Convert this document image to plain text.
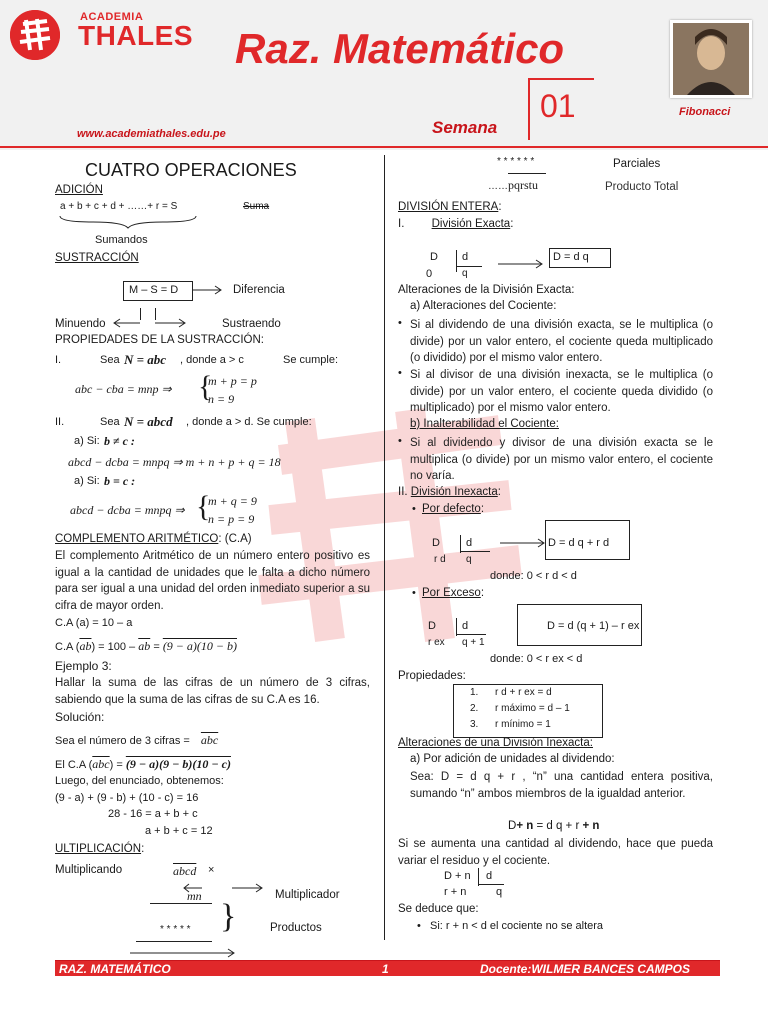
ACADEMIA
THALES Raz. Matemático
01
Semana
www.academiathales.edu.pe
Fibonacci
CUATRO OPERACIONES
ADICIÓN
a + b + c + d + ……+ r = S	Suma
Sumandos
SUSTRACCIÓN
M – S = D	Diferencia
Minuendo	Sustraendo
PROPIEDADES DE LA SUSTRACCIÓN:
I.	Sea N = abc , donde a > c	Se cumple:
abc − cba = mnp ⇒ {
m + p = p
n = 9
II.	Sea N = abcd , donde a > d. Se cumple:
a) Si: b ≠ c :
abcd − dcba = mnpq ⇒ m + n + p + q = 18
a) Si: b = c :
abcd − dcba = mnpq ⇒ {
m + q = 9
n = p = 9
COMPLEMENTO ARITMÉTICO: (C.A)
El complemento Aritmético de un número entero positivo es igual a la cantidad de unidades que le falta a dicho número para ser igual a una unidad del orden inmediato superior a su cifra de mayor orden.
C.A (a) = 10 – a
C.A $(\overline{ab}) = 100 - \overline{ab} = (9 - a)(10 - b)$
Ejemplo 3:
Hallar la suma de las cifras de un número de 3 cifras, sabiendo que la suma de las cifras de su C.A es 16.
Solución:
Sea el número de 3 cifras = $\overline{abc}$
El C.A $(\overline{abc}) = (9 - a)(9 - b)(10 - c)$
Luego, del enunciado, obtenemos:
(9 - a) + (9 - b) + (10 - c) = 16
28 - 16 = a + b + c
a + b + c = 12
ULTIPLICACIÓN:
Multiplicando	abcd ×
mn	Multiplicador
}
* * * * *	Productos
* * * * * *	Parciales
…… pqrstu	Producto Total
DIVISIÓN ENTERA:
I. División Exacta:
D d
0	q
D = d q
Alteraciones de la División Exacta:
a) Alteraciones del Cociente:
• Si al dividendo de una división exacta, se le multiplica (o divide) por un valor entero, el cociente queda multiplicado (o dividido) por el mismo valor entero.
• Si al divisor de una división inexacta, se le multiplica (o divide) por un valor entero, el cociente queda dividido (o multiplicado) por el mismo valor entero.
b) Inalterabilidad el Cociente:
• Si al dividendo y divisor de una división exacta se le multiplica (o divide) por un mismo valor entero, el cociente no varía.
II. División Inexacta:
• Por defecto:
D d
r d q
D = d q + r d
donde: 0 < r d < d
• Por Exceso:
D d
r ex q + 1
D = d (q + 1) – r ex
donde: 0 < r ex < d
Propiedades:
1. r d + r ex = d
2. r máximo = d – 1
3. r mínimo = 1
Alteraciones de una División Inexacta:
a) Por adición de unidades al dividendo:
Sea: D = d q + r , “n” una cantidad entera positiva, sumando “n” ambos miembros de la igualdad anterior.
D+ n = d q + r + n
Si se aumenta una cantidad al dividendo, hace que pueda variar el residuo y el cociente.
D + n d
r + n	q
Se deduce que:
• Si: r + n < d el cociente no se altera
RAZ. MATEMÁTICO	1	Docente:WILMER BANCES CAMPOS
